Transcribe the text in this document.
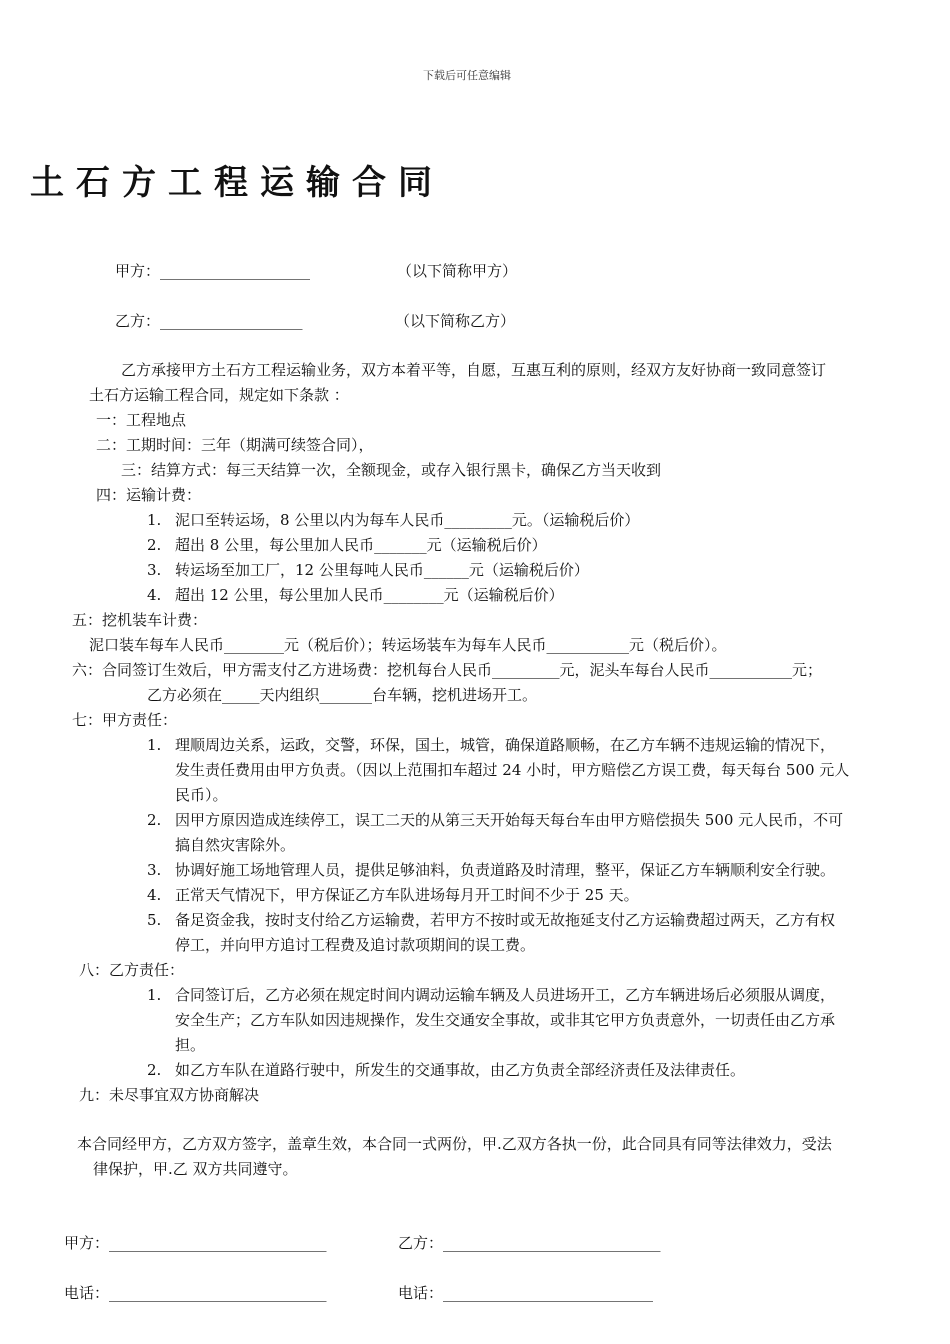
下载后可任意编辑
土石方工程运输合同
甲方：____________________	（以下简称甲方）
乙方：___________________	（以下简称乙方）
乙方承接甲方土石方工程运输业务，双方本着平等，自愿，互惠互利的原则，经双方友好协商一致同意签订
土石方运输工程合同，规定如下条款 ：
一：工程地点
二：工期时间：三年（期满可续签合同），
三：结算方式：每三天结算一次，全额现金，或存入银行黑卡，确保乙方当天收到
四：运输计费：
1. 泥口至转运场，8 公里以内为每车人民币_________元。（运输税后价）
2. 超出 8 公里，每公里加人民币_______元（运输税后价）
3. 转运场至加工厂，12 公里每吨人民币______元（运输税后价）
4. 超出 12 公里，每公里加人民币________元（运输税后价）
五：挖机装车计费：
泥口装车每车人民币________元（税后价）；转运场装车为每车人民币___________元（税后价）。
六：合同签订生效后，甲方需支付乙方进场费：挖机每台人民币_________元，泥头车每台人民币___________元；
乙方必须在_____天内组织_______台车辆，挖机进场开工。
七：甲方责任：
1. 理顺周边关系，运政，交警，环保，国土，城管，确保道路顺畅，在乙方车辆不违规运输的情况下，
发生责任费用由甲方负责。（因以上范围扣车超过 24 小时，甲方赔偿乙方误工费，每天每台 500 元人
民币）。
2. 因甲方原因造成连续停工，误工二天的从第三天开始每天每台车由甲方赔偿损失 500 元人民币，不可
搞自然灾害除外。
3. 协调好施工场地管理人员，提供足够油料，负责道路及时清理，整平，保证乙方车辆顺利安全行驶。
4. 正常天气情况下，甲方保证乙方车队进场每月开工时间不少于 25 天。
5. 备足资金我，按时支付给乙方运输费，若甲方不按时或无故拖延支付乙方运输费超过两天，乙方有权
停工，并向甲方追讨工程费及追讨款项期间的误工费。
八：乙方责任：
1. 合同签订后，乙方必须在规定时间内调动运输车辆及人员进场开工，乙方车辆进场后必须服从调度，
安全生产；乙方车队如因违规操作，发生交通安全事故，或非其它甲方负责意外，一切责任由乙方承
担。
2. 如乙方车队在道路行驶中，所发生的交通事故，由乙方负责全部经济责任及法律责任。
九：未尽事宜双方协商解决
本合同经甲方，乙方双方签字，盖章生效，本合同一式两份，甲.乙双方各执一份，此合同具有同等法律效力，受法
律保护，甲.乙 双方共同遵守。
甲方：_____________________________	乙方：_____________________________
电话：_____________________________	电话：____________________________
